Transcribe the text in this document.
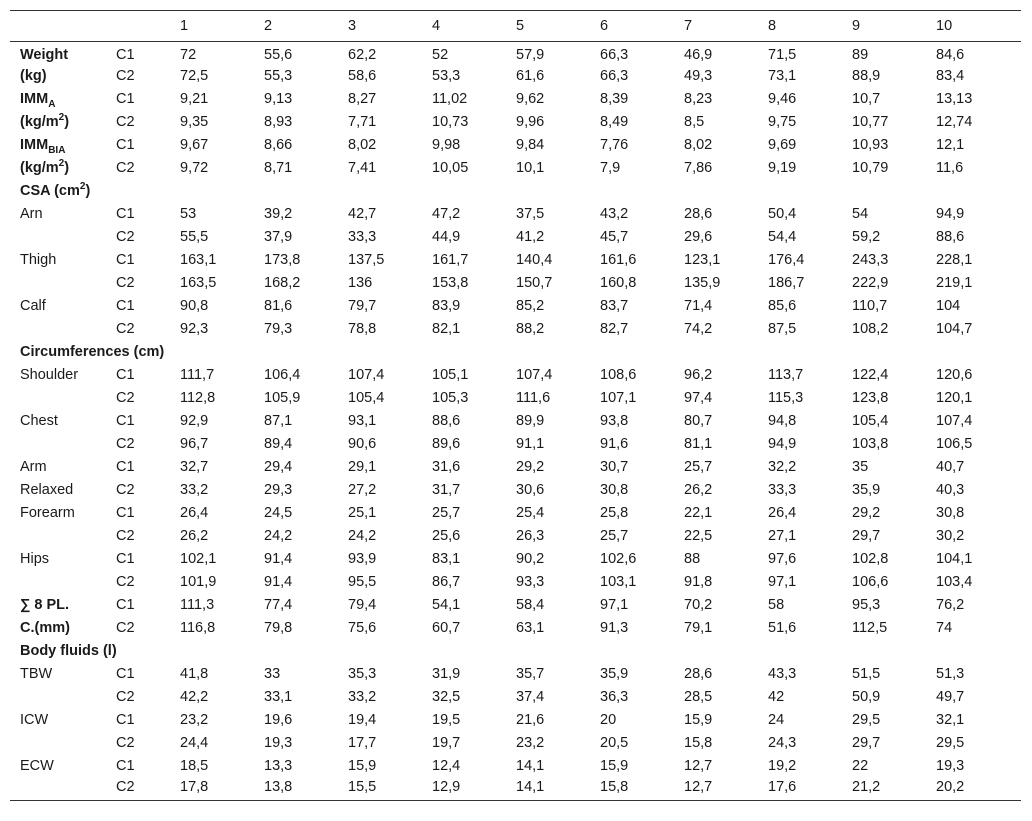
		1	2	3	4	5	6	7	8	9	10
Weight	C1	72	55,6	62,2	52	57,9	66,3	46,9	71,5	89	84,6
(kg)	C2	72,5	55,3	58,6	53,3	61,6	66,3	49,3	73,1	88,9	83,4
$IMM_A$	C1	9,21	9,13	8,27	11,02	9,62	8,39	8,23	9,46	10,7	13,13
$(kg/m^2)$	C2	9,35	8,93	7,71	10,73	9,96	8,49	8,5	9,75	10,77	12,74
$IMM_{BIA}$	C1	9,67	8,66	8,02	9,98	9,84	7,76	8,02	9,69	10,93	12,1
$(kg/m^2)$	C2	9,72	8,71	7,41	10,05	10,1	7,9	7,86	9,19	10,79	11,6
CSA $(cm^2)$											
Arn	C1	53	39,2	42,7	47,2	37,5	43,2	28,6	50,4	54	94,9
	C2	55,5	37,9	33,3	44,9	41,2	45,7	29,6	54,4	59,2	88,6
Thigh	C1	163,1	173,8	137,5	161,7	140,4	161,6	123,1	176,4	243,3	228,1
	C2	163,5	168,2	136	153,8	150,7	160,8	135,9	186,7	222,9	219,1
Calf	C1	90,8	81,6	79,7	83,9	85,2	83,7	71,4	85,6	110,7	104
	C2	92,3	79,3	78,8	82,1	88,2	82,7	74,2	87,5	108,2	104,7
Circumferences (cm)											
Shoulder	C1	111,7	106,4	107,4	105,1	107,4	108,6	96,2	113,7	122,4	120,6
	C2	112,8	105,9	105,4	105,3	111,6	107,1	97,4	115,3	123,8	120,1
Chest	C1	92,9	87,1	93,1	88,6	89,9	93,8	80,7	94,8	105,4	107,4
	C2	96,7	89,4	90,6	89,6	91,1	91,6	81,1	94,9	103,8	106,5
Arm	C1	32,7	29,4	29,1	31,6	29,2	30,7	25,7	32,2	35	40,7
Relaxed	C2	33,2	29,3	27,2	31,7	30,6	30,8	26,2	33,3	35,9	40,3
Forearm	C1	26,4	24,5	25,1	25,7	25,4	25,8	22,1	26,4	29,2	30,8
	C2	26,2	24,2	24,2	25,6	26,3	25,7	22,5	27,1	29,7	30,2
Hips	C1	102,1	91,4	93,9	83,1	90,2	102,6	88	97,6	102,8	104,1
	C2	101,9	91,4	95,5	86,7	93,3	103,1	91,8	97,1	106,6	103,4
∑ 8 PL.	C1	111,3	77,4	79,4	54,1	58,4	97,1	70,2	58	95,3	76,2
C.(mm)	C2	116,8	79,8	75,6	60,7	63,1	91,3	79,1	51,6	112,5	74
Body fluids (l)											
TBW	C1	41,8	33	35,3	31,9	35,7	35,9	28,6	43,3	51,5	51,3
	C2	42,2	33,1	33,2	32,5	37,4	36,3	28,5	42	50,9	49,7
ICW	C1	23,2	19,6	19,4	19,5	21,6	20	15,9	24	29,5	32,1
	C2	24,4	19,3	17,7	19,7	23,2	20,5	15,8	24,3	29,7	29,5
ECW	C1	18,5	13,3	15,9	12,4	14,1	15,9	12,7	19,2	22	19,3
	C2	17,8	13,8	15,5	12,9	14,1	15,8	12,7	17,6	21,2	20,2
